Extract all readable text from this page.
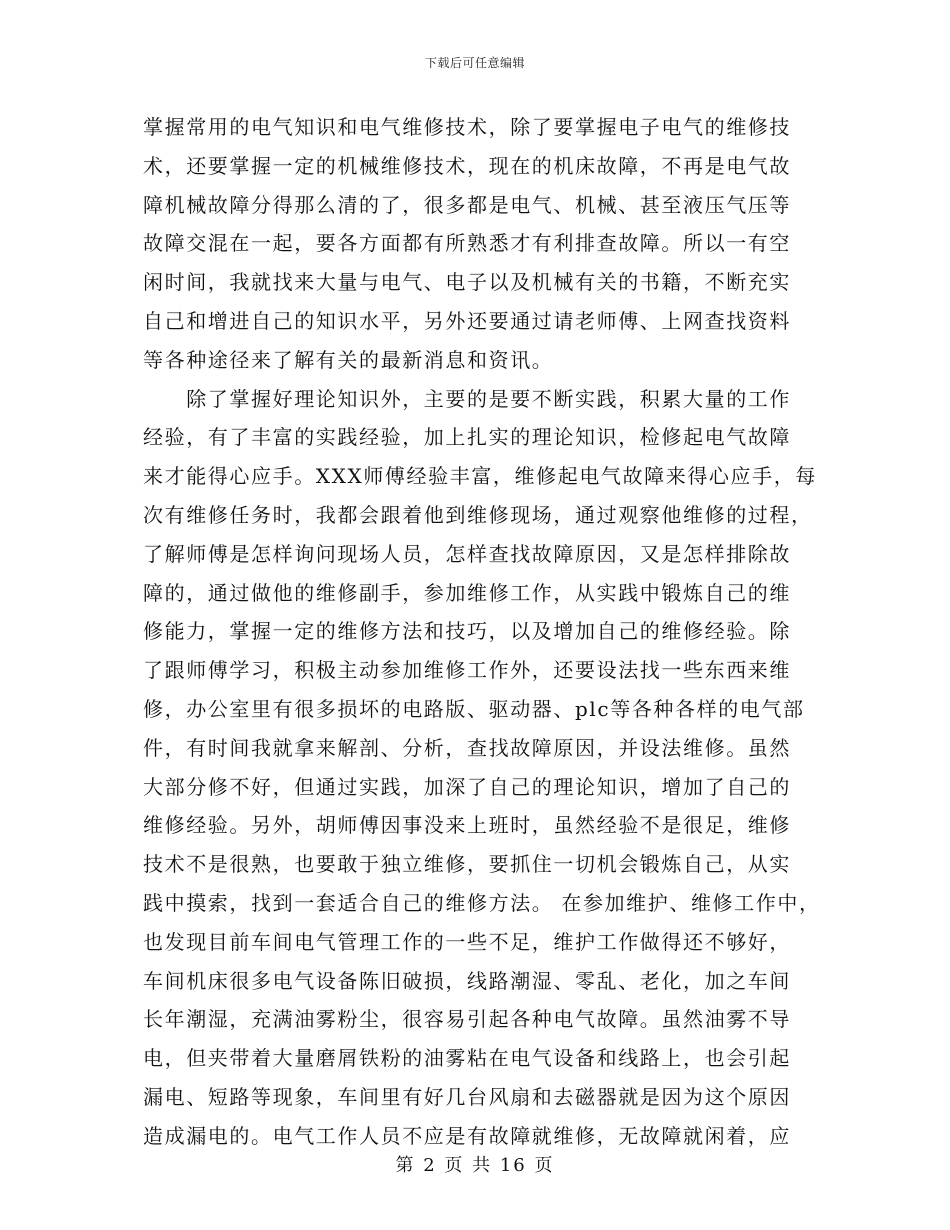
下载后可任意编辑
掌握常用的电气知识和电气维修技术，除了要掌握电子电气的维修技
术，还要掌握一定的机械维修技术，现在的机床故障，不再是电气故
障机械故障分得那么清的了，很多都是电气、机械、甚至液压气压等
故障交混在一起，要各方面都有所熟悉才有利排查故障。所以一有空
闲时间，我就找来大量与电气、电子以及机械有关的书籍，不断充实
自己和增进自己的知识水平，另外还要通过请老师傅、上网查找资料
等各种途径来了解有关的最新消息和资讯。
　　除了掌握好理论知识外，主要的是要不断实践，积累大量的工作
经验，有了丰富的实践经验，加上扎实的理论知识，检修起电气故障
来才能得心应手。XXX师傅经验丰富，维修起电气故障来得心应手，每
次有维修任务时，我都会跟着他到维修现场，通过观察他维修的过程，
了解师傅是怎样询问现场人员，怎样查找故障原因，又是怎样排除故
障的，通过做他的维修副手，参加维修工作，从实践中锻炼自己的维
修能力，掌握一定的维修方法和技巧，以及增加自己的维修经验。除
了跟师傅学习，积极主动参加维修工作外，还要设法找一些东西来维
修，办公室里有很多损坏的电路版、驱动器、plc等各种各样的电气部
件，有时间我就拿来解剖、分析，查找故障原因，并设法维修。虽然
大部分修不好，但通过实践，加深了自己的理论知识，增加了自己的
维修经验。另外，胡师傅因事没来上班时，虽然经验不是很足，维修
技术不是很熟，也要敢于独立维修，要抓住一切机会锻炼自己，从实
践中摸索，找到一套适合自己的维修方法。 在参加维护、维修工作中，
也发现目前车间电气管理工作的一些不足，维护工作做得还不够好，
车间机床很多电气设备陈旧破损，线路潮湿、零乱、老化，加之车间
长年潮湿，充满油雾粉尘，很容易引起各种电气故障。虽然油雾不导
电，但夹带着大量磨屑铁粉的油雾粘在电气设备和线路上，也会引起
漏电、短路等现象，车间里有好几台风扇和去磁器就是因为这个原因
造成漏电的。电气工作人员不应是有故障就维修，无故障就闲着，应
第 2 页 共 16 页
